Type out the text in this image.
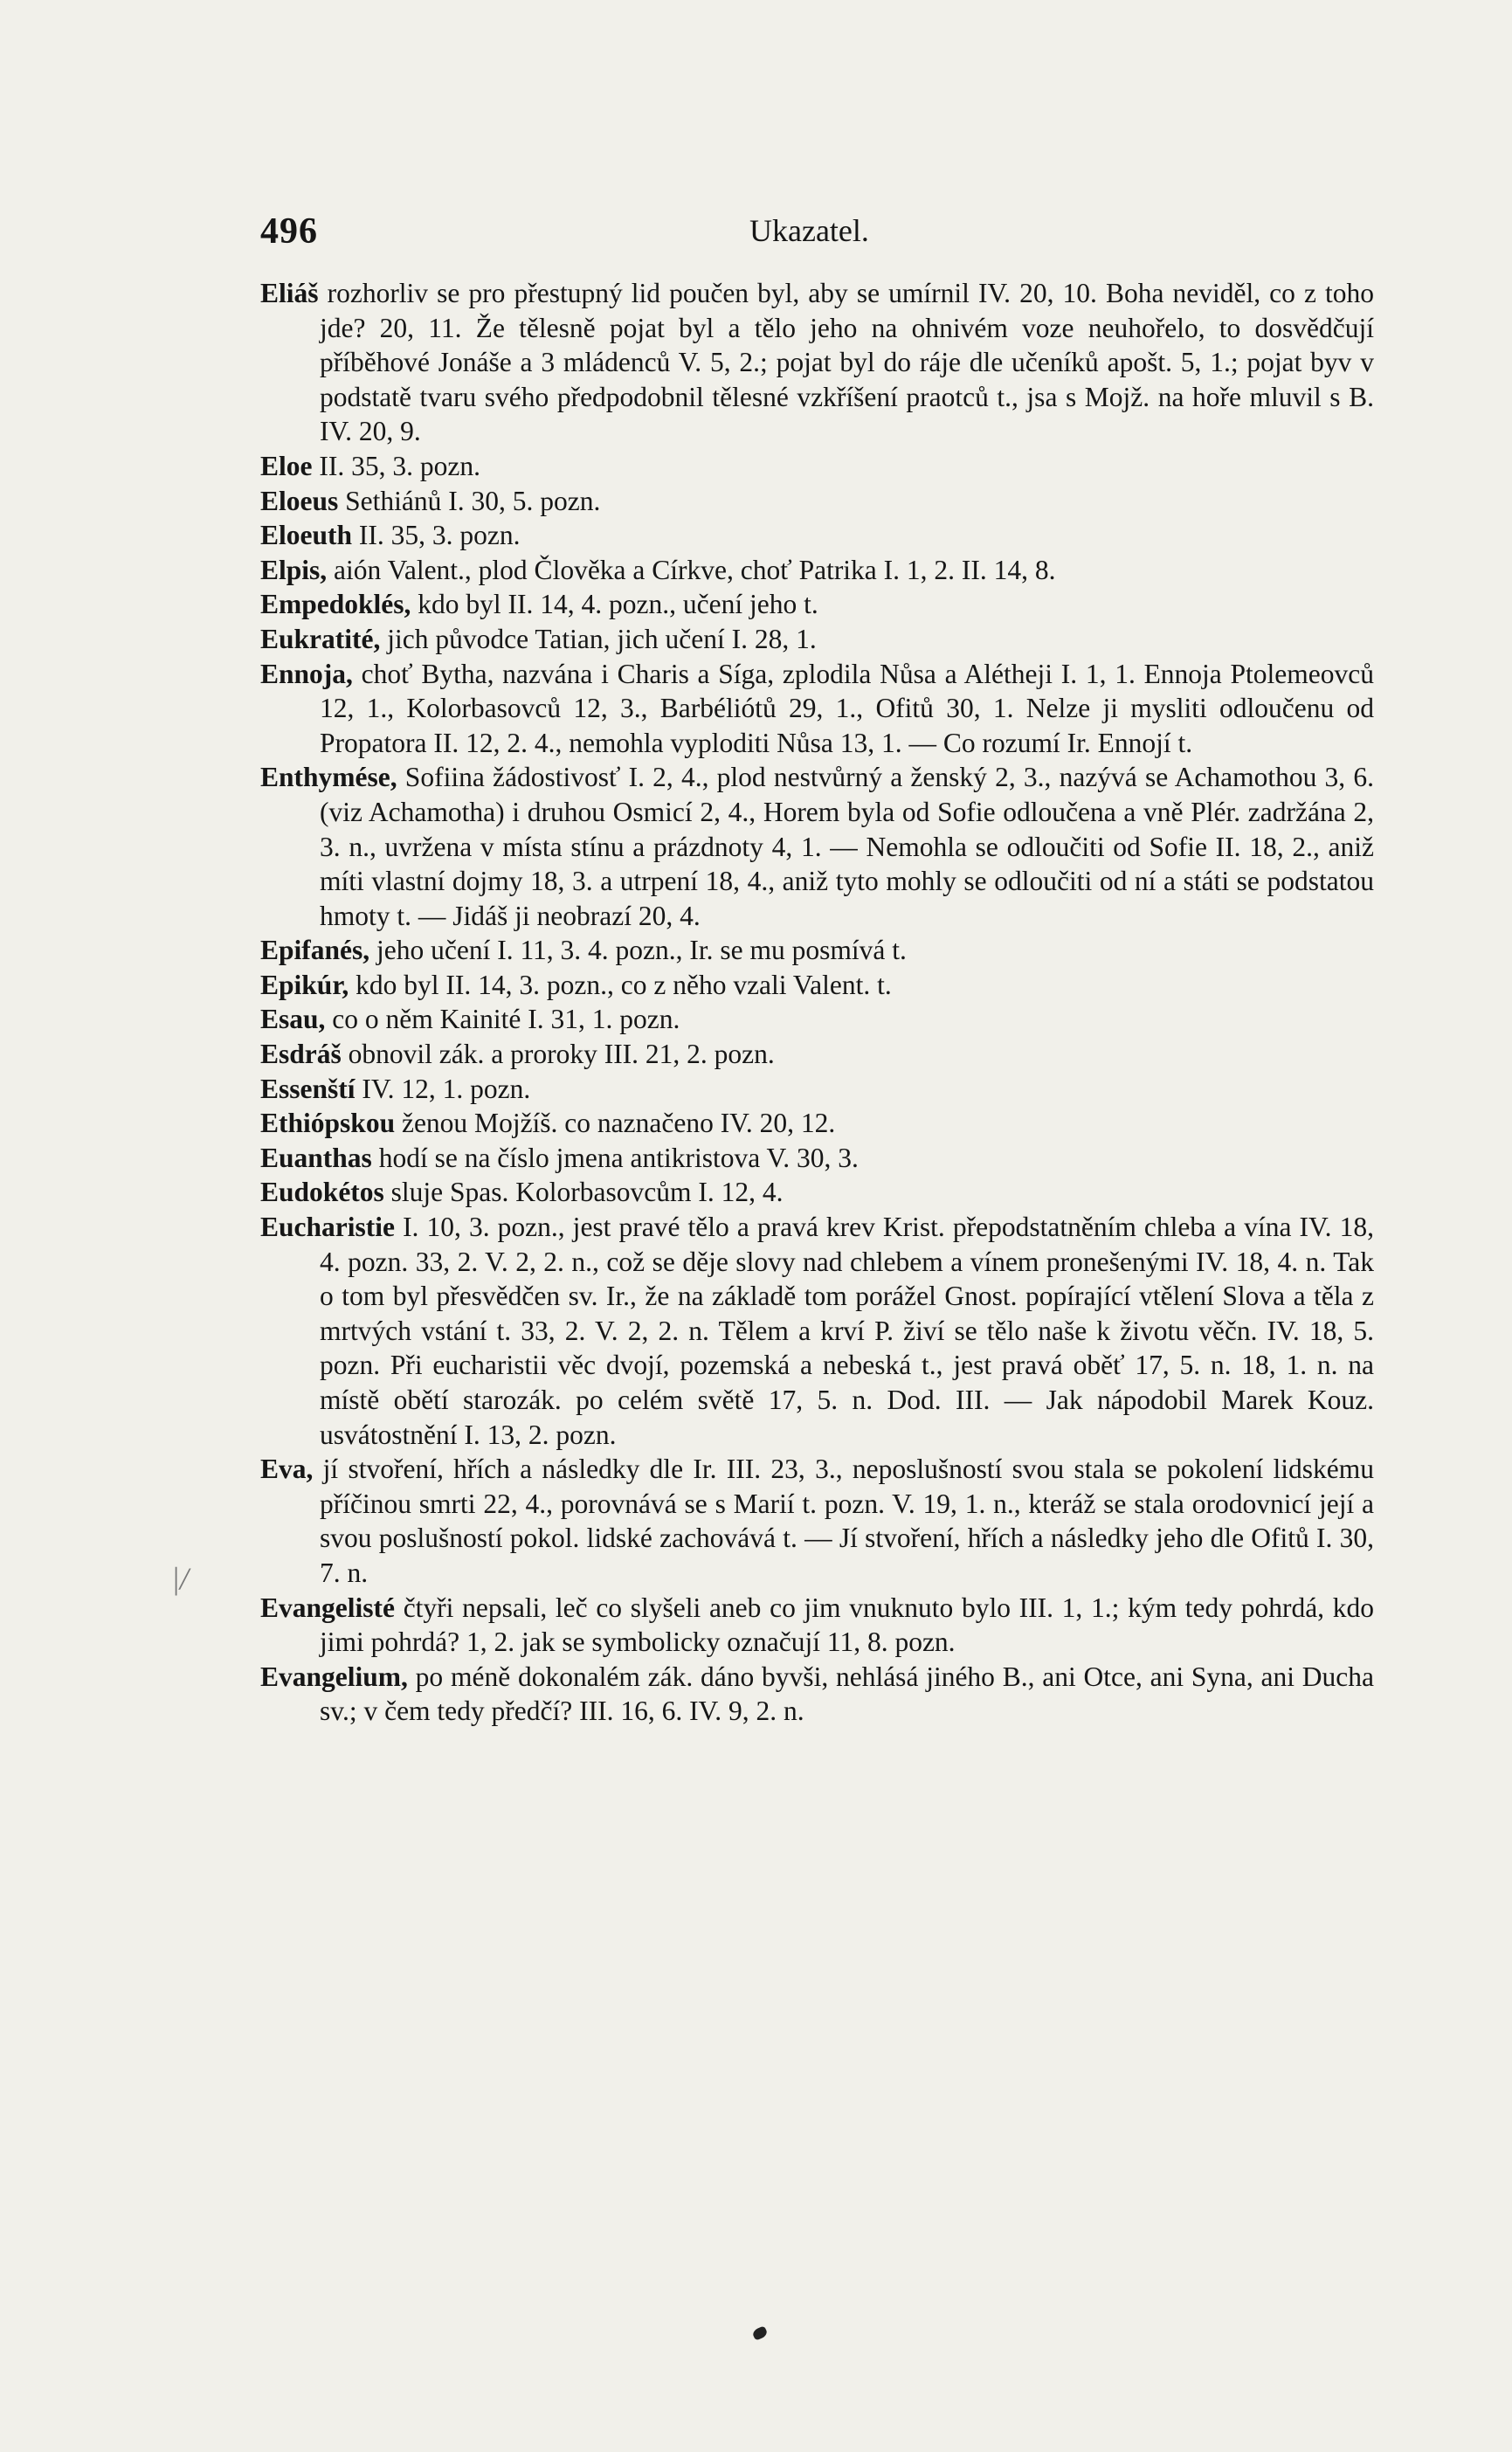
496	Ukazatel.
Eliáš rozhorliv se pro přestupný lid poučen byl, aby se umírnil IV. 20, 10. Boha neviděl, co z toho jde? 20, 11. Že tělesně pojat byl a tělo jeho na ohnivém voze neuhořelo, to dosvědčují příběhové Jonáše a 3 mládenců V. 5, 2.; pojat byl do ráje dle učeníků apošt. 5, 1.; pojat byv v podstatě tvaru svého předpodobnil tělesné vzkříšení praotců t., jsa s Mojž. na hoře mluvil s B. IV. 20, 9.
Eloe II. 35, 3. pozn.
Eloeus Sethiánů I. 30, 5. pozn.
Eloeuth II. 35, 3. pozn.
Elpis, aión Valent., plod Člověka a Církve, choť Patrika I. 1, 2. II. 14, 8.
Empedoklés, kdo byl II. 14, 4. pozn., učení jeho t.
Eukratité, jich původce Tatian, jich učení I. 28, 1.
Ennoja, choť Bytha, nazvána i Charis a Síga, zplodila Nůsa a Alétheji I. 1, 1. Ennoja Ptolemeovců 12, 1., Kolorbasovců 12, 3., Barbéliótů 29, 1., Ofitů 30, 1. Nelze ji mysliti odloučenu od Propatora II. 12, 2. 4., nemohla vyploditi Nůsa 13, 1. — Co rozumí Ir. Ennojí t.
Enthymése, Sofiina žádostivosť I. 2, 4., plod nestvůrný a ženský 2, 3., nazývá se Achamothou 3, 6. (viz Achamotha) i druhou Osmicí 2, 4., Horem byla od Sofie odloučena a vně Plér. zadržána 2, 3. n., uvržena v místa stínu a prázdnoty 4, 1. — Nemohla se odloučiti od Sofie II. 18, 2., aniž míti vlastní dojmy 18, 3. a utrpení 18, 4., aniž tyto mohly se odloučiti od ní a státi se podstatou hmoty t. — Jidáš ji neobrazí 20, 4.
Epifanés, jeho učení I. 11, 3. 4. pozn., Ir. se mu posmívá t.
Epikúr, kdo byl II. 14, 3. pozn., co z něho vzali Valent. t.
Esau, co o něm Kainité I. 31, 1. pozn.
Esdráš obnovil zák. a proroky III. 21, 2. pozn.
Essenští IV. 12, 1. pozn.
Ethiópskou ženou Mojžíš. co naznačeno IV. 20, 12.
Euanthas hodí se na číslo jmena antikristova V. 30, 3.
Eudokétos sluje Spas. Kolorbasovcům I. 12, 4.
Eucharistie I. 10, 3. pozn., jest pravé tělo a pravá krev Krist. přepodstatněním chleba a vína IV. 18, 4. pozn. 33, 2. V. 2, 2. n., což se děje slovy nad chlebem a vínem pronešenými IV. 18, 4. n. Tak o tom byl přesvědčen sv. Ir., že na základě tom porážel Gnost. popírající vtělení Slova a těla z mrtvých vstání t. 33, 2. V. 2, 2. n. Tělem a krví P. živí se tělo naše k životu věčn. IV. 18, 5. pozn. Při eucharistii věc dvojí, pozemská a nebeská t., jest pravá oběť 17, 5. n. 18, 1. n. na místě obětí starozák. po celém světě 17, 5. n. Dod. III. — Jak nápodobil Marek Kouz. usvátostnění I. 13, 2. pozn.
Eva, jí stvoření, hřích a následky dle Ir. III. 23, 3., neposlušností svou stala se pokolení lidskému příčinou smrti 22, 4., porovnává se s Marií t. pozn. V. 19, 1. n., kteráž se stala orodovnicí její a svou poslušností pokol. lidské zachovává t. — Jí stvoření, hřích a následky jeho dle Ofitů I. 30, 7. n.
Evangelisté čtyři nepsali, leč co slyšeli aneb co jim vnuknuto bylo III. 1, 1.; kým tedy pohrdá, kdo jimi pohrdá? 1, 2. jak se symbolicky označují 11, 8. pozn.
Evangelium, po méně dokonalém zák. dáno byvši, nehlásá jiného B., ani Otce, ani Syna, ani Ducha sv.; v čem tedy předčí? III. 16, 6. IV. 9, 2. n.
|/
